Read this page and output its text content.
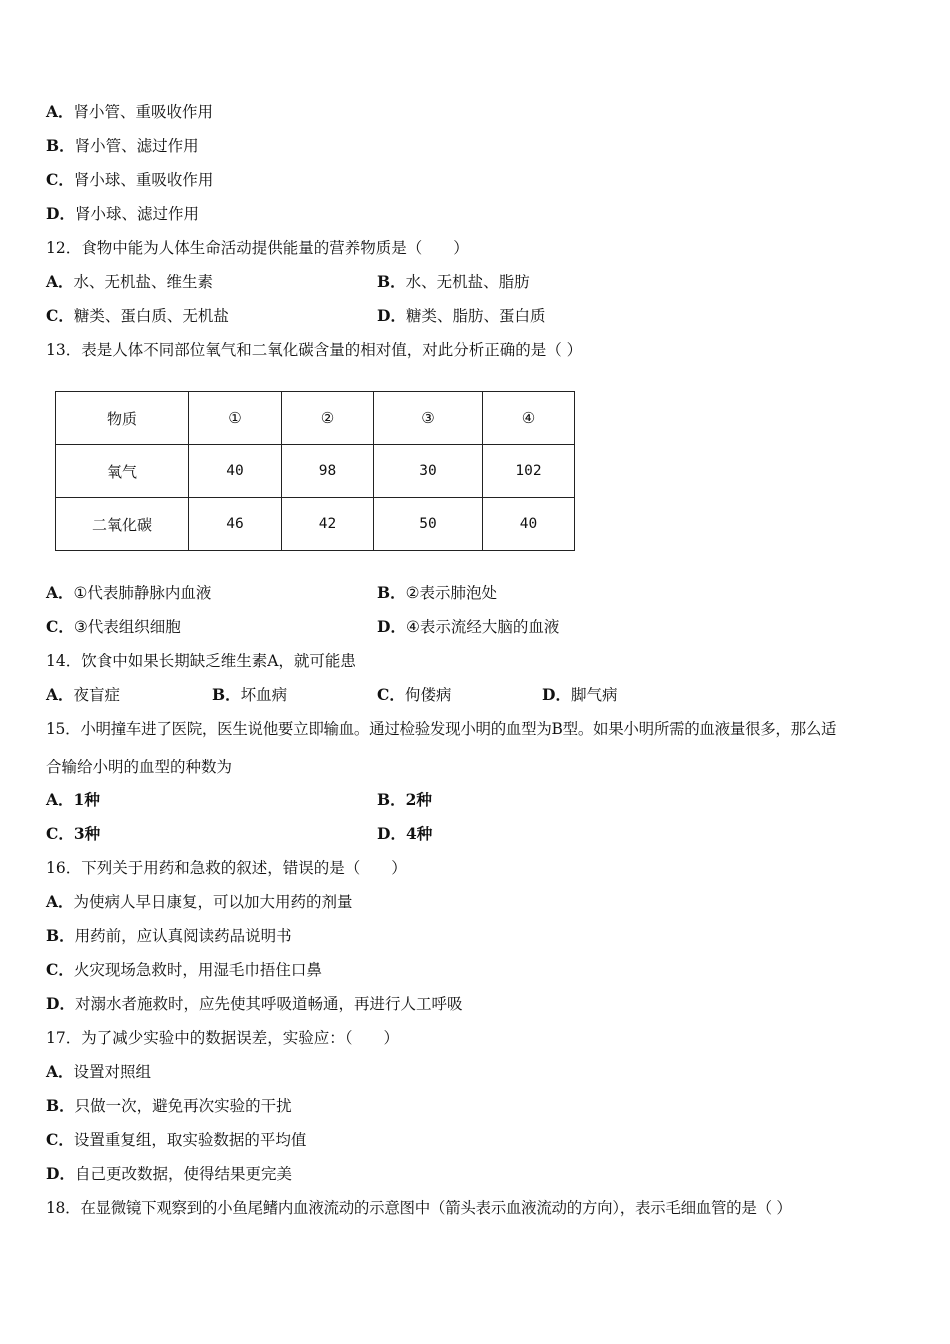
A．肾小管、重吸收作用
B．肾小管、滤过作用
C．肾小球、重吸收作用
D．肾小球、滤过作用
12．食物中能为人体生命活动提供能量的营养物质是（　　）
A．水、无机盐、维生素	B．水、无机盐、脂肪
C．糖类、蛋白质、无机盐	D．糖类、脂肪、蛋白质
13．表是人体不同部位氧气和二氧化碳含量的相对值，对此分析正确的是（ ）
物质	①	②	③	④
氧气	40	98	30	102
二氧化碳	46	42	50	40
A．①代表肺静脉内血液	B．②表示肺泡处
C．③代表组织细胞	D．④表示流经大脑的血液
14．饮食中如果长期缺乏维生素A，就可能患
A．夜盲症	B．坏血病	C．佝偻病	D．脚气病
15．小明撞车进了医院，医生说他要立即输血。通过检验发现小明的血型为B型。如果小明所需的血液量很多，那么适
合输给小明的血型的种数为
A．1种	B．2种
C．3种	D．4种
16．下列关于用药和急救的叙述，错误的是（　　）
A．为使病人早日康复，可以加大用药的剂量
B．用药前，应认真阅读药品说明书
C．火灾现场急救时，用湿毛巾捂住口鼻
D．对溺水者施救时，应先使其呼吸道畅通，再进行人工呼吸
17．为了减少实验中的数据误差，实验应：（　　）
A．设置对照组
B．只做一次，避免再次实验的干扰
C．设置重复组，取实验数据的平均值
D．自己更改数据，使得结果更完美
18．在显微镜下观察到的小鱼尾鳍内血液流动的示意图中（箭头表示血液流动的方向），表示毛细血管的是（ ）
